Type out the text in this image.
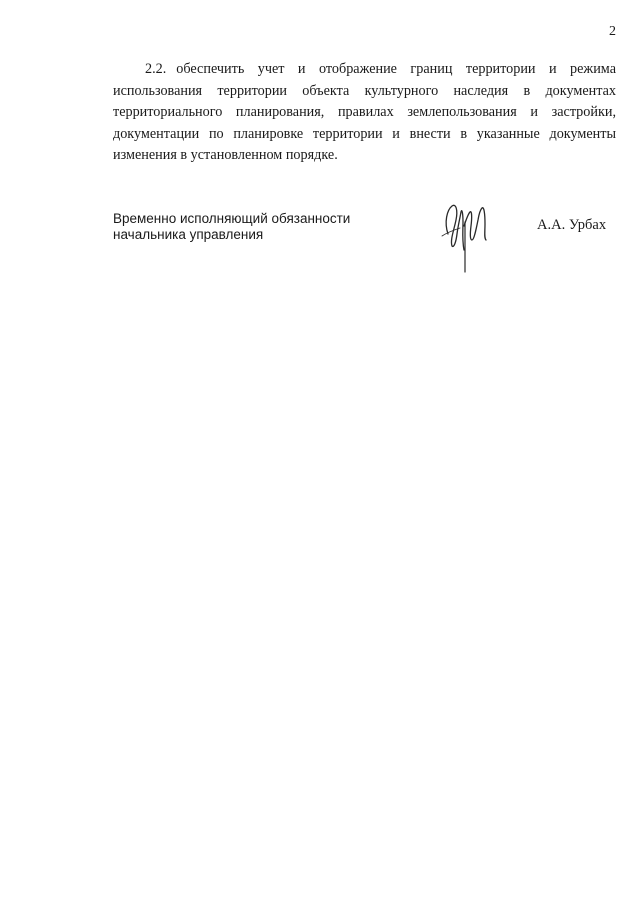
2
2.2. обеспечить учет и отображение границ территории и режима
использования территории объекта культурного наследия в документах
территориального планирования, правилах землепользования и застройки,
документации по планировке территории и внести в указанные документы
изменения в установленном порядке.
Временно исполняющий обязанности
начальника управления
А.А. Урбах
